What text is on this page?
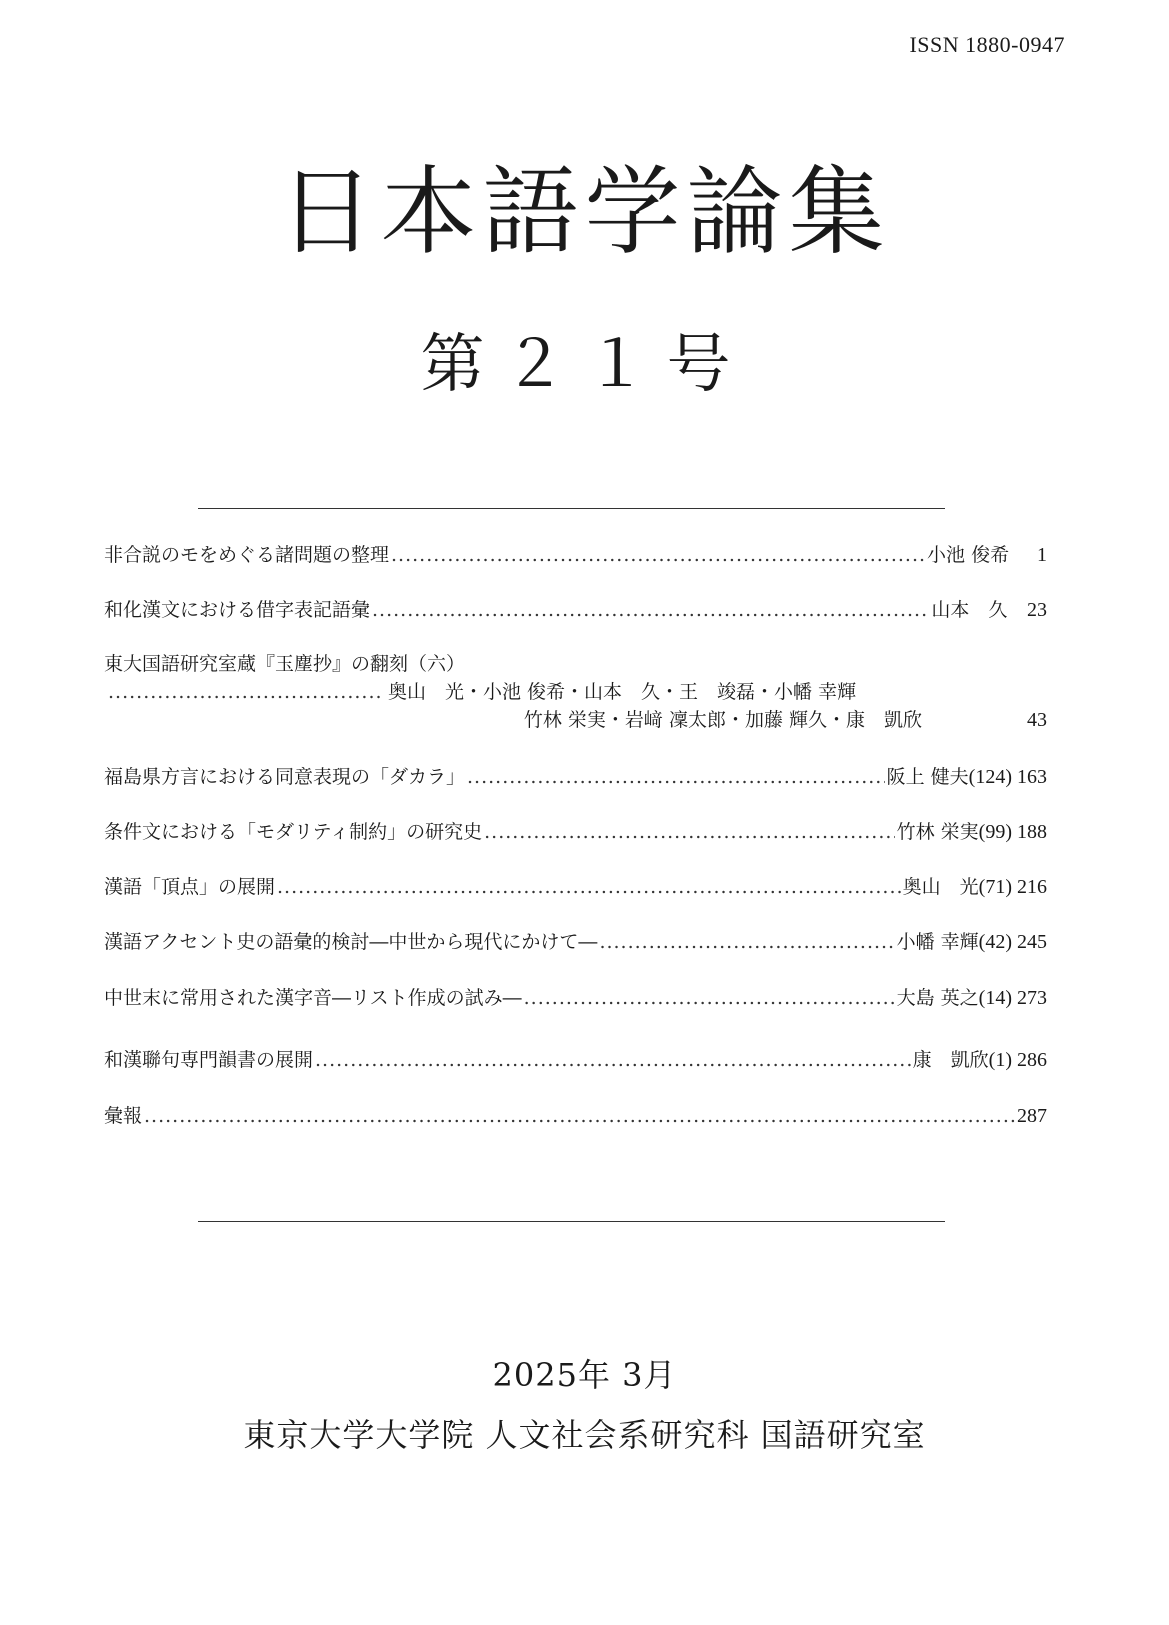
ISSN 1880-0947
日本語学論集
第２１号
非合説のモをめぐる諸問題の整理 .....	小池 俊希	1
和化漢文における借字表記語彙 .....	山本　久 23
東大国語研究室蔵『玉塵抄』の翻刻（六）
.....
奥山　光・小池 俊希・山本　久・王　竣磊・小幡 幸輝
竹林 栄実・岩﨑 凜太郎・加藤 輝久・康　凱欣	43
福島県方言における同意表現の「ダカラ」 .....	阪上 健夫 (124) 163
条件文における「モダリティ制約」の研究史 .....	竹林 栄実 (99) 188
漢語「頂点」の展開 .....	奥山　光 (71) 216
漢語アクセント史の語彙的検討―中世から現代にかけて― .....	小幡 幸輝 (42) 245
中世末に常用された漢字音―リスト作成の試み― .....	大島 英之 (14) 273
和漢聯句専門韻書の展開 .....	康　凱欣 (1) 286
彙報 .....	287
2025年 3月
東京大学大学院 人文社会系研究科 国語研究室
